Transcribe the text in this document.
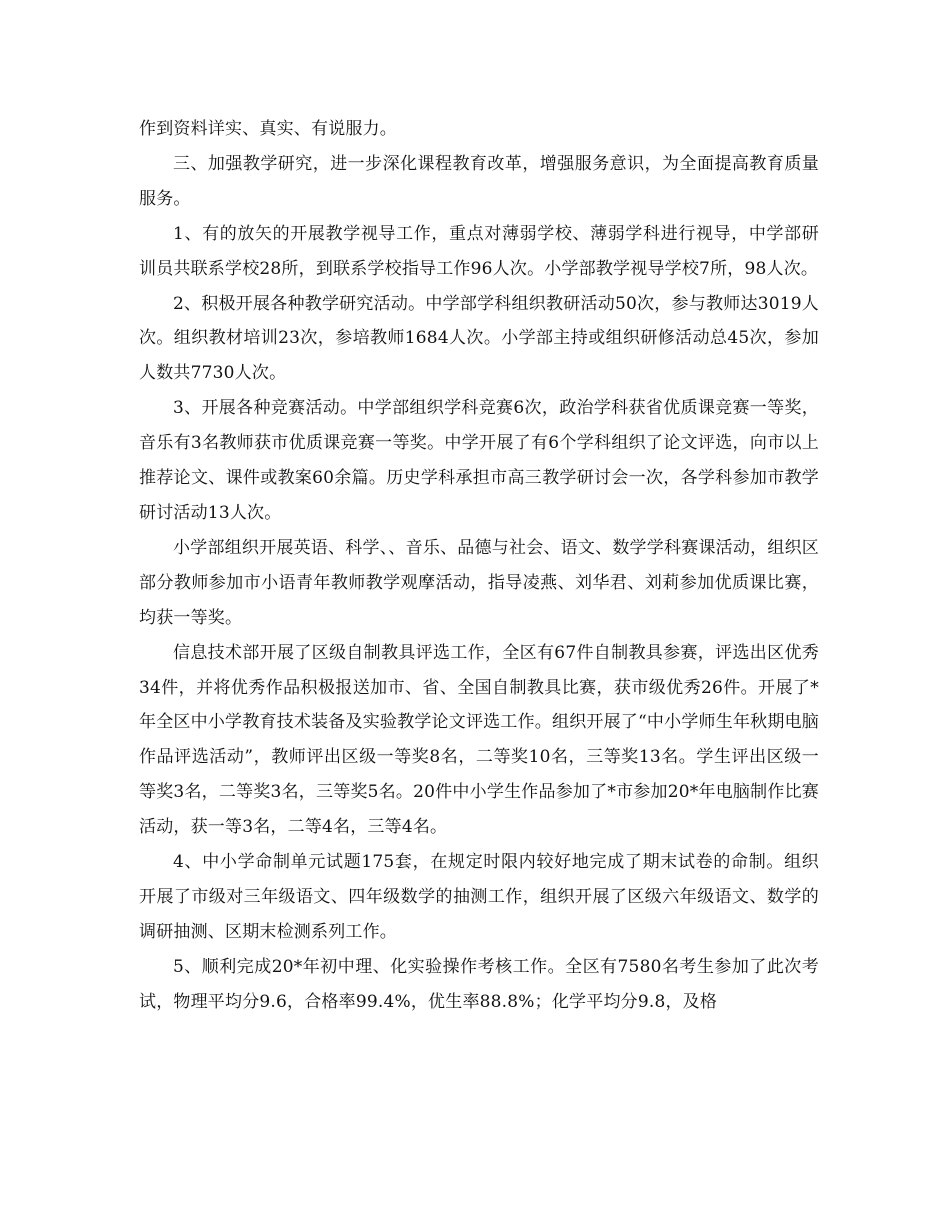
作到资料详实、真实、有说服力。

三、加强教学研究，进一步深化课程教育改革，增强服务意识，为全面提高教育质量服务。

1、有的放矢的开展教学视导工作，重点对薄弱学校、薄弱学科进行视导，中学部研训员共联系学校28所，到联系学校指导工作96人次。小学部教学视导学校7所，98人次。

2、积极开展各种教学研究活动。中学部学科组织教研活动50次，参与教师达3019人次。组织教材培训23次，参培教师1684人次。小学部主持或组织研修活动总45次，参加人数共7730人次。

3、开展各种竞赛活动。中学部组织学科竞赛6次，政治学科获省优质课竞赛一等奖，音乐有3名教师获市优质课竞赛一等奖。中学开展了有6个学科组织了论文评选，向市以上推荐论文、课件或教案60余篇。历史学科承担市高三教学研讨会一次，各学科参加市教学研讨活动13人次。

小学部组织开展英语、科学、、音乐、品德与社会、语文、数学学科赛课活动，组织区部分教师参加市小语青年教师教学观摩活动，指导凌燕、刘华君、刘莉参加优质课比赛，均获一等奖。

信息技术部开展了区级自制教具评选工作，全区有67件自制教具参赛，评选出区优秀34件，并将优秀作品积极报送加市、省、全国自制教具比赛，获市级优秀26件。开展了*年全区中小学教育技术装备及实验教学论文评选工作。组织开展了“中小学师生年秋期电脑作品评选活动”，教师评出区级一等奖8名，二等奖10名，三等奖13名。学生评出区级一等奖3名，二等奖3名，三等奖5名。20件中小学生作品参加了*市参加20*年电脑制作比赛活动，获一等3名，二等4名，三等4名。

4、中小学命制单元试题175套，在规定时限内较好地完成了期末试卷的命制。组织开展了市级对三年级语文、四年级数学的抽测工作，组织开展了区级六年级语文、数学的调研抽测、区期末检测系列工作。

5、顺利完成20*年初中理、化实验操作考核工作。全区有7580名考生参加了此次考试，物理平均分9.6，合格率99.4%，优生率88.8%；化学平均分9.8，及格
